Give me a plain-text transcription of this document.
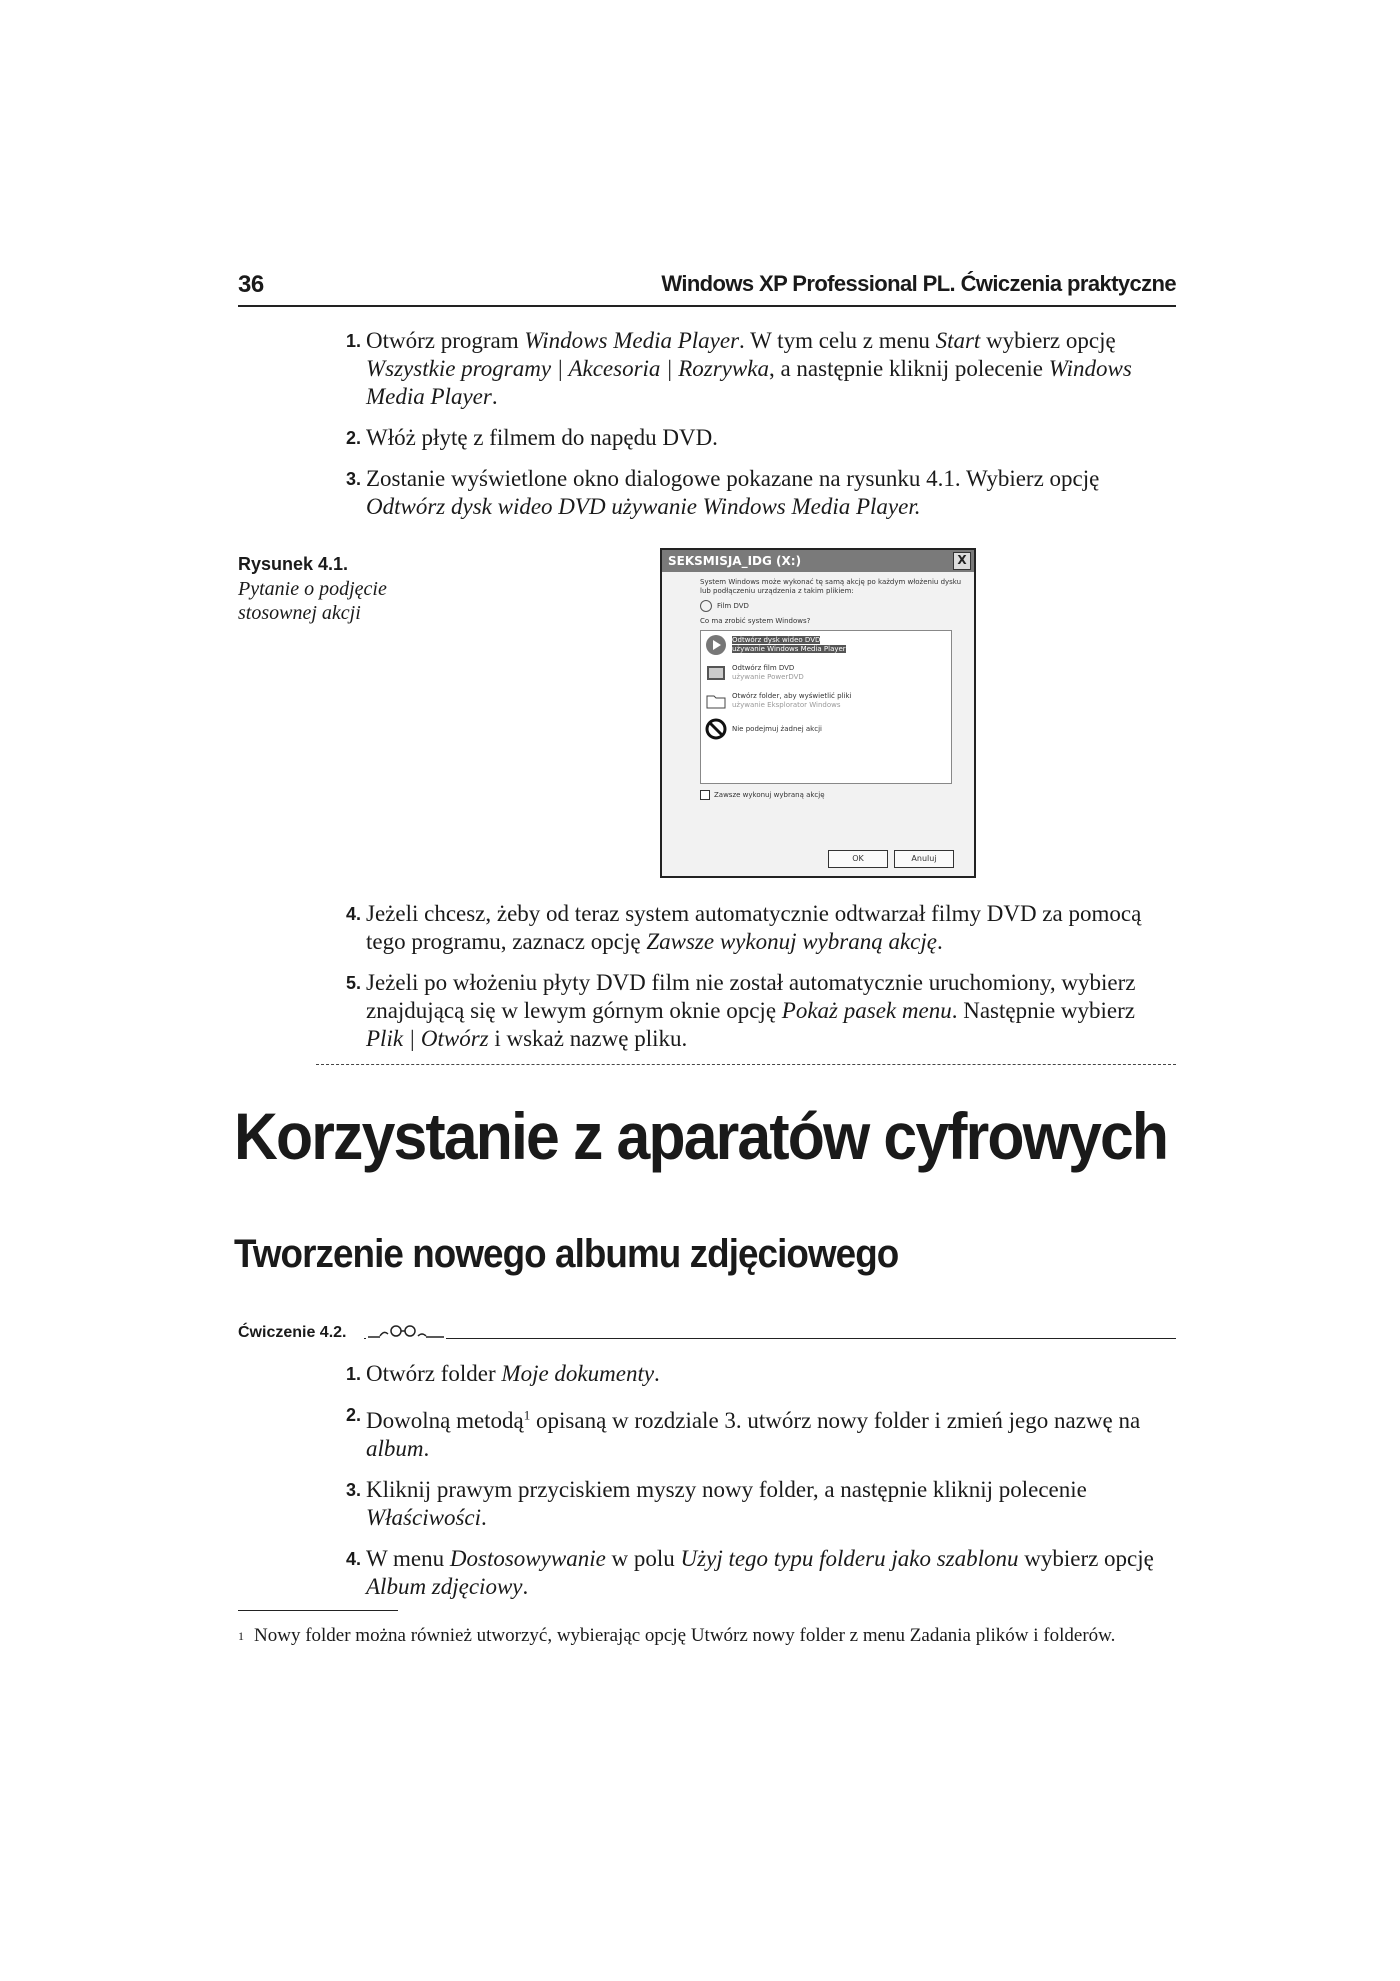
36	Windows XP Professional PL. Ćwiczenia praktyczne
1. Otwórz program Windows Media Player. W tym celu z menu Start wybierz opcję Wszystkie programy | Akcesoria | Rozrywka, a następnie kliknij polecenie Windows Media Player.
2. Włóż płytę z filmem do napędu DVD.
3. Zostanie wyświetlone okno dialogowe pokazane na rysunku 4.1. Wybierz opcję Odtwórz dysk wideo DVD używanie Windows Media Player.
Rysunek 4.1.
Pytanie o podjęcie stosownej akcji
SEKSMISJA_IDG (X:)	X

System Windows może wykonać tę samą akcję po każdym włożeniu dysku lub podłączeniu urządzenia z takim plikiem:

Film DVD

Co ma zrobić system Windows?

Odtwórz dysk wideo DVD
używanie Windows Media Player
Odtwórz film DVD
używanie PowerDVD
Otwórz folder, aby wyświetlić pliki
używanie Eksplorator Windows
Nie podejmuj żadnej akcji
Zawsze wykonuj wybraną akcję
OK	Anuluj
4. Jeżeli chcesz, żeby od teraz system automatycznie odtwarzał filmy DVD za pomocą tego programu, zaznacz opcję Zawsze wykonuj wybraną akcję.
5. Jeżeli po włożeniu płyty DVD film nie został automatycznie uruchomiony, wybierz znajdującą się w lewym górnym oknie opcję Pokaż pasek menu. Następnie wybierz Plik | Otwórz i wskaż nazwę pliku.
Korzystanie z aparatów cyfrowych
Tworzenie nowego albumu zdjęciowego
Ćwiczenie 4.2.
1. Otwórz folder Moje dokumenty.
2. Dowolną metodą$^1$ opisaną w rozdziale 3. utwórz nowy folder i zmień jego nazwę na album.
3. Kliknij prawym przyciskiem myszy nowy folder, a następnie kliknij polecenie Właściwości.
4. W menu Dostosowywanie w polu Użyj tego typu folderu jako szablonu wybierz opcję Album zdjęciowy.
$^1$ Nowy folder można również utworzyć, wybierając opcję Utwórz nowy folder z menu Zadania plików i folderów.
